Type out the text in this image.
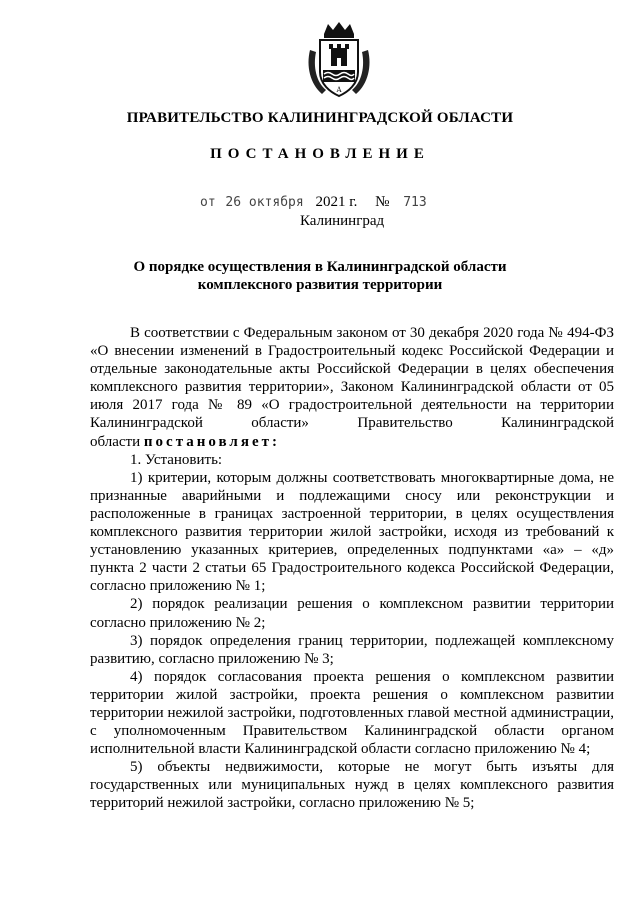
A
ПРАВИТЕЛЬСТВО КАЛИНИНГРАДСКОЙ ОБЛАСТИ
ПОСТАНОВЛЕНИЕ
от 26 октября 2021 г. № 713
Калининград
О порядке осуществления в Калининградской области
комплексного развития территории

В соответствии с Федеральным законом от 30 декабря 2020 года № 494-ФЗ «О внесении изменений в Градостроительный кодекс Российской Федерации и отдельные законодательные акты Российской Федерации в целях обеспечения комплексного развития территории», Законом Калининградской области от 05 июля 2017 года № 89 «О градостроительной деятельности на территории Калининградской области» Правительство Калининградской области постановляет:

1. Установить:

1) критерии, которым должны соответствовать многоквартирные дома, не признанные аварийными и подлежащими сносу или реконструкции и расположенные в границах застроенной территории, в целях осуществления комплексного развития территории жилой застройки, исходя из требований к установлению указанных критериев, определенных подпунктами «а» – «д» пункта 2 части 2 статьи 65 Градостроительного кодекса Российской Федерации, согласно приложению № 1;

2) порядок реализации решения о комплексном развитии территории согласно приложению № 2;

3) порядок определения границ территории, подлежащей комплексному развитию, согласно приложению № 3;

4) порядок согласования проекта решения о комплексном развитии территории жилой застройки, проекта решения о комплексном развитии территории нежилой застройки, подготовленных главой местной администрации, с уполномоченным Правительством Калининградской области органом исполнительной власти Калининградской области согласно приложению № 4;

5) объекты недвижимости, которые не могут быть изъяты для государственных или муниципальных нужд в целях комплексного развития территорий нежилой застройки, согласно приложению № 5;
